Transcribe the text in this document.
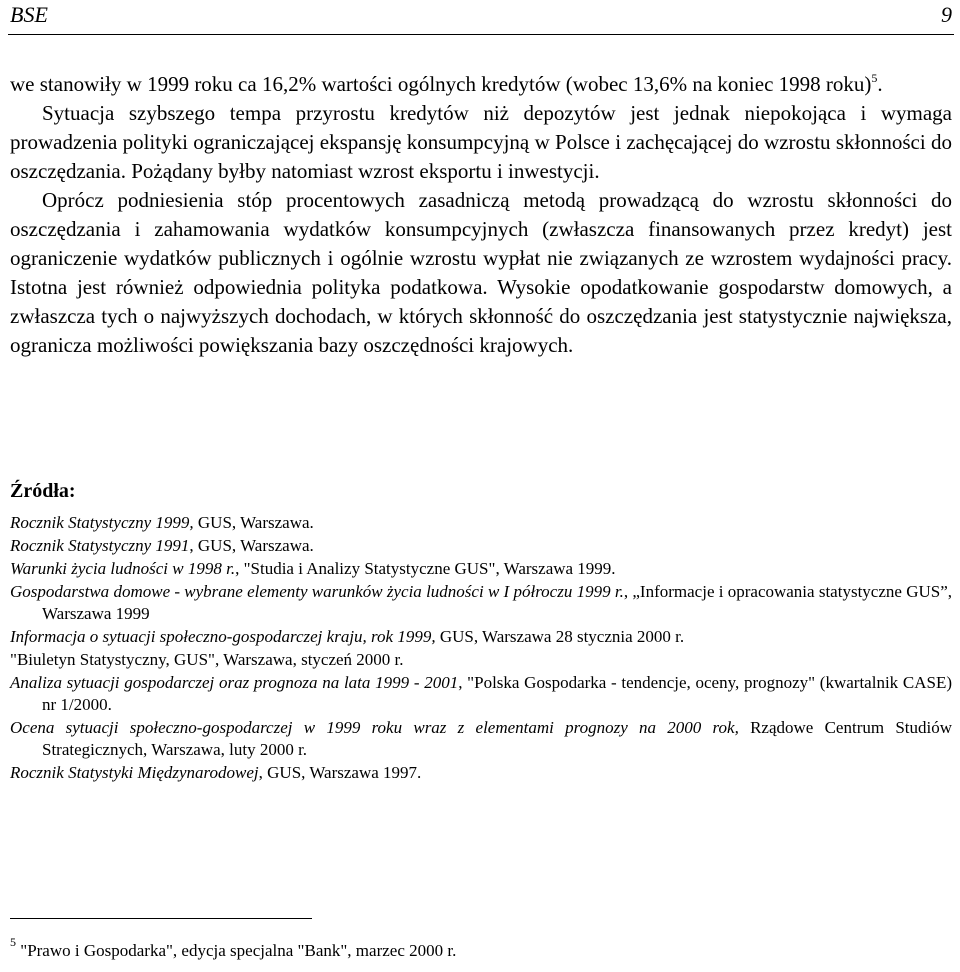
BSE	9

we stanowiły w 1999 roku ca 16,2% wartości ogólnych kredytów (wobec 13,6% na koniec 1998 roku)$^5$.

Sytuacja szybszego tempa przyrostu kredytów niż depozytów jest jednak niepokojąca i wymaga prowadzenia polityki ograniczającej ekspansję konsumpcyjną w Polsce i zachęcającej do wzrostu skłonności do oszczędzania. Pożądany byłby natomiast wzrost eksportu i inwestycji.

Oprócz podniesienia stóp procentowych zasadniczą metodą prowadzącą do wzrostu skłonności do oszczędzania i zahamowania wydatków konsumpcyjnych (zwłaszcza finansowanych przez kredyt) jest ograniczenie wydatków publicznych i ogólnie wzrostu wypłat nie związanych ze wzrostem wydajności pracy. Istotna jest również odpowiednia polityka podatkowa. Wysokie opodatkowanie gospodarstw domowych, a zwłaszcza tych o najwyższych dochodach, w których skłonność do oszczędzania jest statystycznie największa, ogranicza możliwości powiększania bazy oszczędności krajowych.

Źródła:

Rocznik Statystyczny 1999, GUS, Warszawa.

Rocznik Statystyczny 1991, GUS, Warszawa.

Warunki życia ludności w 1998 r., "Studia i Analizy Statystyczne GUS", Warszawa 1999.

Gospodarstwa domowe - wybrane elementy warunków życia ludności w I półroczu 1999 r., „Informacje i opracowania statystyczne GUS”, Warszawa 1999

Informacja o sytuacji społeczno-gospodarczej kraju, rok 1999, GUS, Warszawa 28 stycznia 2000 r.

"Biuletyn Statystyczny, GUS", Warszawa, styczeń 2000 r.

Analiza sytuacji gospodarczej oraz prognoza na lata 1999 - 2001, "Polska Gospodarka - tendencje, oceny, prognozy" (kwartalnik CASE) nr 1/2000.

Ocena sytuacji społeczno-gospodarczej w 1999 roku wraz z elementami prognozy na 2000 rok, Rządowe Centrum Studiów Strategicznych, Warszawa, luty 2000 r.

Rocznik Statystyki Międzynarodowej, GUS, Warszawa 1997.

$^5$ "Prawo i Gospodarka", edycja specjalna "Bank", marzec 2000 r.
